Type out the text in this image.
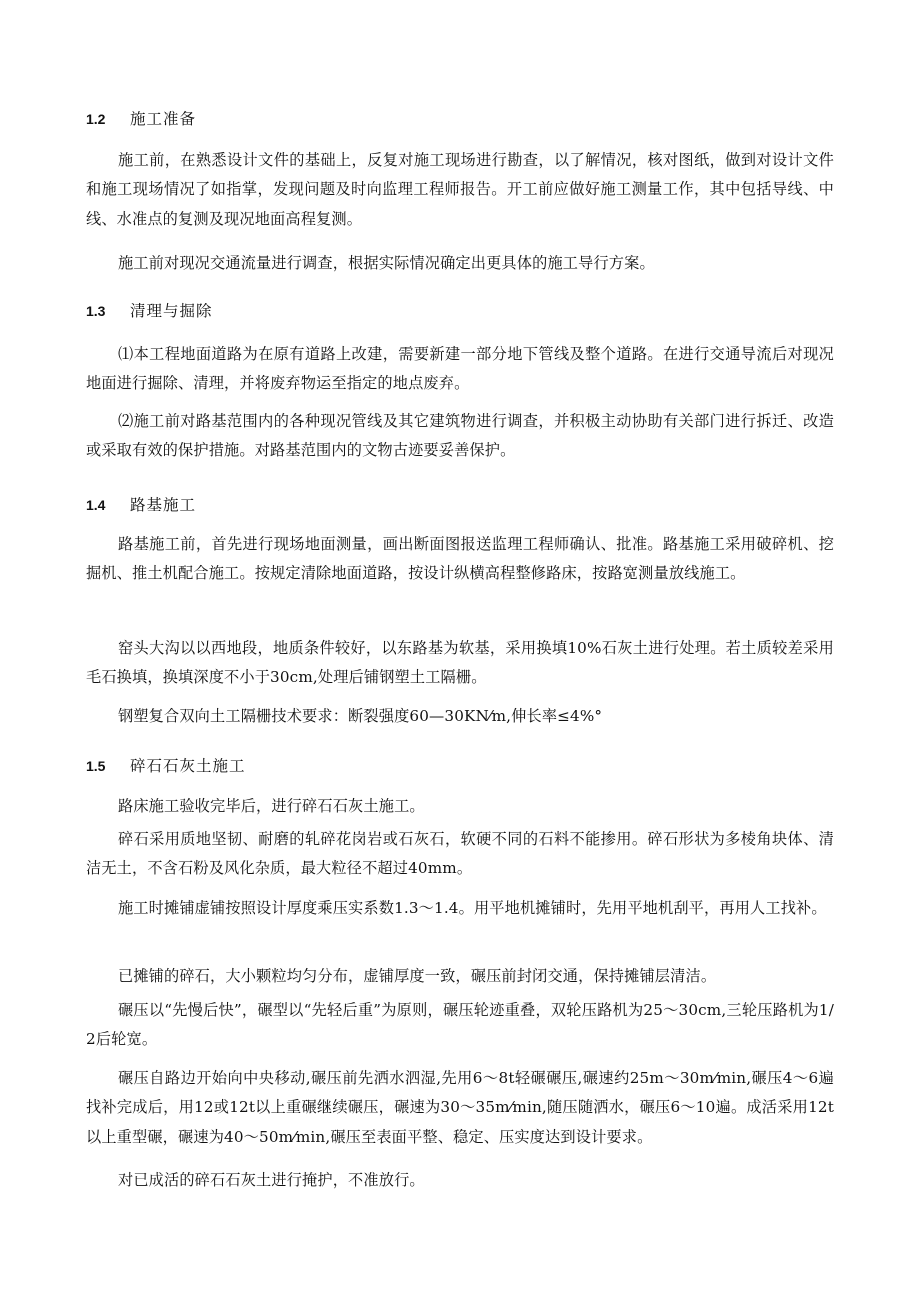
1.2 施工准备

施工前，在熟悉设计文件的基础上，反复对施工现场进行勘查，以了解情况，核对图纸，做到对设计文件和施工现场情况了如指掌，发现问题及时向监理工程师报告。开工前应做好施工测量工作，其中包括导线、中线、水准点的复测及现况地面高程复测。

施工前对现况交通流量进行调查，根据实际情况确定出更具体的施工导行方案。

1.3 清理与掘除

⑴本工程地面道路为在原有道路上改建，需要新建一部分地下管线及整个道路。在进行交通导流后对现况地面进行掘除、清理，并将废弃物运至指定的地点废弃。

⑵施工前对路基范围内的各种现况管线及其它建筑物进行调查，并积极主动协助有关部门进行拆迁、改造或采取有效的保护措施。对路基范围内的文物古迹要妥善保护。

1.4 路基施工

路基施工前，首先进行现场地面测量，画出断面图报送监理工程师确认、批准。路基施工采用破碎机、挖掘机、推土机配合施工。按规定清除地面道路，按设计纵横高程整修路床，按路宽测量放线施工。

窑头大沟以以西地段，地质条件较好，以东路基为软基，采用换填10%石灰土进行处理。若土质较差采用毛石换填，换填深度不小于30cm,处理后铺钢塑土工隔栅。

钢塑复合双向土工隔栅技术要求：断裂强度60—30KN⁄m,伸长率≤4%°

1.5 碎石石灰土施工

路床施工验收完毕后，进行碎石石灰土施工。

碎石采用质地坚韧、耐磨的轧碎花岗岩或石灰石，软硬不同的石料不能掺用。碎石形状为多棱角块体、清洁无土，不含石粉及风化杂质，最大粒径不超过40mm。

施工时摊铺虚铺按照设计厚度乘压实系数1.3～1.4。用平地机摊铺时，先用平地机刮平，再用人工找补。

已摊铺的碎石，大小颗粒均匀分布，虚铺厚度一致，碾压前封闭交通，保持摊铺层清洁。

碾压以“先慢后快”，碾型以“先轻后重”为原则，碾压轮迹重叠，双轮压路机为25～30cm,三轮压路机为1/2后轮宽。

碾压自路边开始向中央移动,碾压前先洒水泗湿,先用6～8t轻碾碾压,碾速约25m～30m⁄min,碾压4～6遍找补完成后，用12或12t以上重碾继续碾压，碾速为30～35m⁄min,随压随洒水，碾压6～10遍。成活采用12t以上重型碾，碾速为40～50m⁄min,碾压至表面平整、稳定、压实度达到设计要求。

对已成活的碎石石灰土进行掩护，不准放行。
